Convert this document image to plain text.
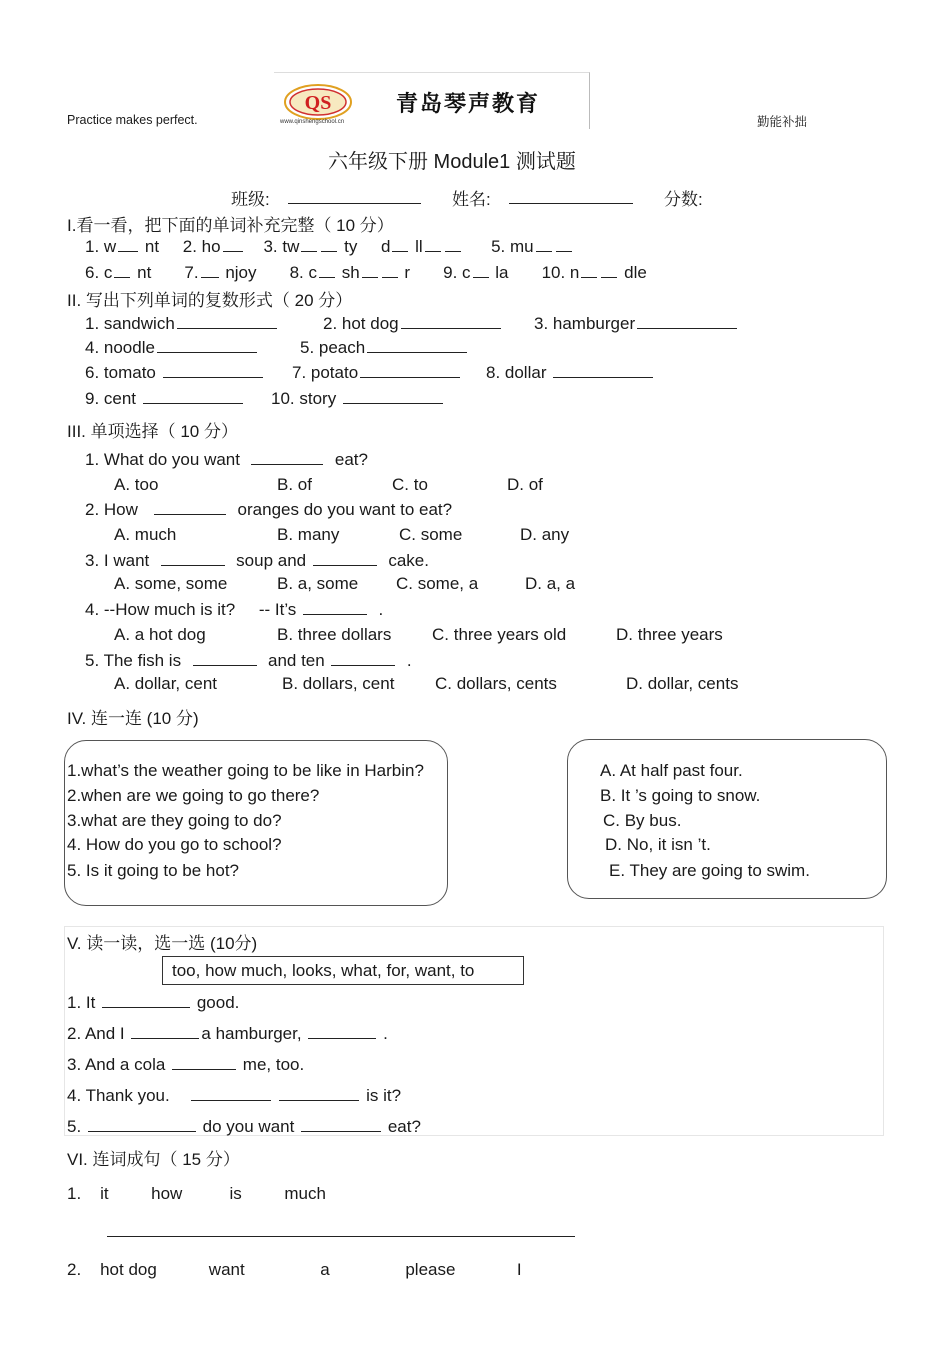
Practice makes perfect.
QS	青岛琴声教育
www.qinshengschool.cn	勤能补拙
六年级下册 Module1 测试题
班级:	姓名:	分数:
I.看一看，把下面的单词补充完整（ 10 分）
1. w nt 2. ho	3. tw	ty d ll	5. mu
6. c nt 7. njoy 8. c sh	r 9. c la 10. n	dle
II. 写出下列单词的复数形式（ 20 分）
1. sandwich	2. hot dog	3. hamburger
4. noodle	5. peach
6. tomato	7. potato	8. dollar
9. cent	10. story
III. 单项选择（ 10 分）
1. What do you want	eat?
A. too	B. of	C. to	D. of
2. How	oranges do you want to eat?
A. much	B. many	C. some	D. any
3. I want	soup and	cake.
A. some, some	B. a, some C. some, a	D. a, a
4. --How much is it? -- It’s	.
A. a hot dog	B. three dollars C. three years old	D. three years
5. The fish is	and ten	.
A. dollar, cent	B. dollars, cent C. dollars, cents	D. dollar, cents
IV. 连一连 (10 分)
1.what’s the weather going to be like in Harbin?
2.when are we going to go there?
3.what are they going to do?
4. How do you go to school?
5. Is it going to be hot?
A. At half past four.
B. It ’s going to snow.
C. By bus.
D. No, it isn ’t.
E. They are going to swim.
V. 读一读，选一选 (10分)
too, how much, looks, what, for, want, to
1. It	good.
2. And I	a hamburger,	.
3. And a cola	me, too.
4. Thank you.	is it?
5.	do you want	eat?
VI. 连词成句（ 15 分）
1. it	how	is	much
2. hot dog	want	a	please	I
